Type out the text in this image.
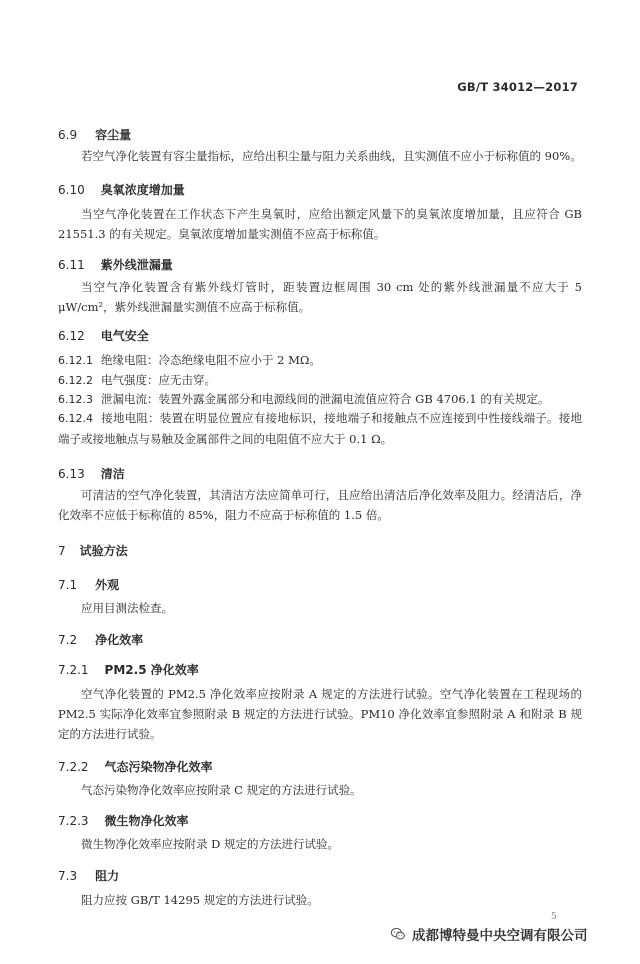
GB/T 34012—2017
6.9 容尘量
若空气净化装置有容尘量指标，应给出积尘量与阻力关系曲线，且实测值不应小于标称值的 90%。
6.10 臭氧浓度增加量
当空气净化装置在工作状态下产生臭氧时，应给出额定风量下的臭氧浓度增加量，且应符合 GB 21551.3 的有关规定。臭氧浓度增加量实测值不应高于标称值。
6.11 紫外线泄漏量
当空气净化装置含有紫外线灯管时，距装置边框周围 30 cm 处的紫外线泄漏量不应大于 5 μW/cm²，紫外线泄漏量实测值不应高于标称值。
6.12 电气安全
6.12.1 绝缘电阻：冷态绝缘电阻不应小于 2 MΩ。
6.12.2 电气强度：应无击穿。
6.12.3 泄漏电流：装置外露金属部分和电源线间的泄漏电流值应符合 GB 4706.1 的有关规定。
6.12.4 接地电阻：装置在明显位置应有接地标识，接地端子和接触点不应连接到中性接线端子。接地端子或接地触点与易触及金属部件之间的电阻值不应大于 0.1 Ω。
6.13 清洁
可清洁的空气净化装置，其清洁方法应简单可行，且应给出清洁后净化效率及阻力。经清洁后，净化效率不应低于标称值的 85%，阻力不应高于标称值的 1.5 倍。
7 试验方法
7.1 外观
应用目测法检查。
7.2 净化效率
7.2.1 PM2.5 净化效率
空气净化装置的 PM2.5 净化效率应按附录 A 规定的方法进行试验。空气净化装置在工程现场的 PM2.5 实际净化效率宜参照附录 B 规定的方法进行试验。PM10 净化效率宜参照附录 A 和附录 B 规定的方法进行试验。
7.2.2 气态污染物净化效率
气态污染物净化效率应按附录 C 规定的方法进行试验。
7.2.3 微生物净化效率
微生物净化效率应按附录 D 规定的方法进行试验。
7.3 阻力
阻力应按 GB/T 14295 规定的方法进行试验。
5
成都博特曼中央空调有限公司
